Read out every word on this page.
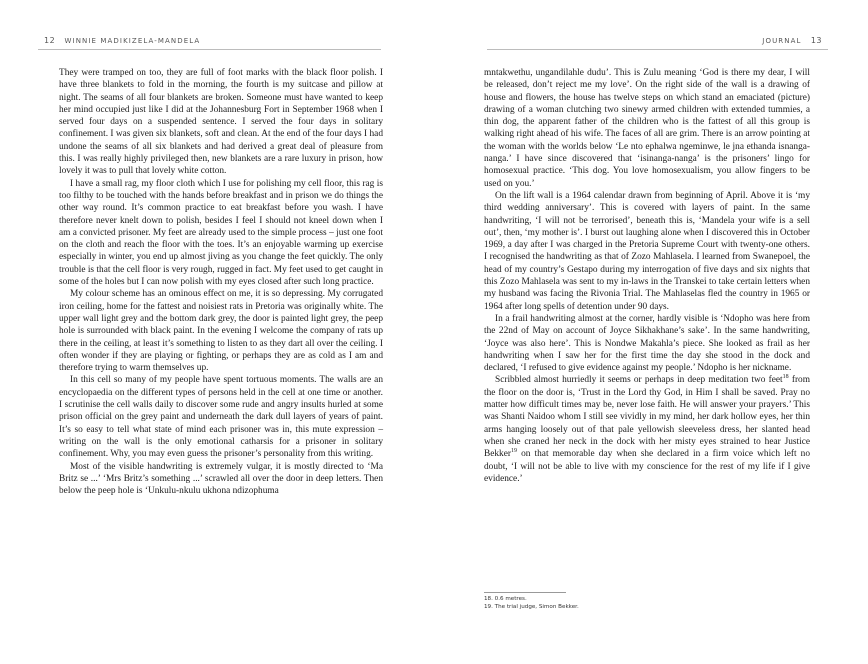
12 WINNIE MADIKIZELA-MANDELA	JOURNAL 13

They were tramped on too, they are full of foot marks with the black floor polish. I have three blankets to fold in the morning, the fourth is my suitcase and pillow at night. The seams of all four blankets are broken. Someone must have wanted to keep her mind occupied just like I did at the Johannesburg Fort in September 1968 when I served four days on a suspended sentence. I served the four days in solitary confinement. I was given six blankets, soft and clean. At the end of the four days I had undone the seams of all six blankets and had derived a great deal of pleasure from this. I was really highly privileged then, new blankets are a rare luxury in prison, how lovely it was to pull that lovely white cotton.

I have a small rag, my floor cloth which I use for polishing my cell floor, this rag is too filthy to be touched with the hands before breakfast and in prison we do things the other way round. It’s common practice to eat breakfast before you wash. I have therefore never knelt down to polish, besides I feel I should not kneel down when I am a convicted prisoner. My feet are already used to the simple process – just one foot on the cloth and reach the floor with the toes. It’s an enjoyable warming up exercise especially in winter, you end up almost jiving as you change the feet quickly. The only trouble is that the cell floor is very rough, rugged in fact. My feet used to get caught in some of the holes but I can now polish with my eyes closed after such long practice.

My colour scheme has an ominous effect on me, it is so depressing. My corrugated iron ceiling, home for the fattest and noisiest rats in Pretoria was originally white. The upper wall light grey and the bottom dark grey, the door is painted light grey, the peep hole is surrounded with black paint. In the evening I welcome the company of rats up there in the ceiling, at least it’s something to listen to as they dart all over the ceiling. I often wonder if they are playing or fighting, or perhaps they are as cold as I am and therefore trying to warm themselves up.

In this cell so many of my people have spent tortuous moments. The walls are an encyclopaedia on the different types of persons held in the cell at one time or another. I scrutinise the cell walls daily to discover some rude and angry insults hurled at some prison official on the grey paint and underneath the dark dull layers of years of paint. It’s so easy to tell what state of mind each prisoner was in, this mute expression – writing on the wall is the only emotional catharsis for a prisoner in solitary confinement. Why, you may even guess the prisoner’s personality from this writing.

Most of the visible handwriting is extremely vulgar, it is mostly directed to ‘Ma Britz se ...’ ‘Mrs Britz’s something ...’ scrawled all over the door in deep letters. Then below the peep hole is ‘Unkulu-nkulu ukhona ndizophuma

mntakwethu, ungandilahle dudu’. This is Zulu meaning ‘God is there my dear, I will be released, don’t reject me my love’. On the right side of the wall is a drawing of house and flowers, the house has twelve steps on which stand an emaciated (picture) drawing of a woman clutching two sinewy armed children with extended tummies, a thin dog, the apparent father of the children who is the fattest of all this group is walking right ahead of his wife. The faces of all are grim. There is an arrow pointing at the woman with the worlds below ‘Le nto ephalwa ngeminwe, le jna ethanda isnanga-nanga.’ I have since discovered that ‘isinanga-nanga’ is the prisoners’ lingo for homosexual practice. ‘This dog. You love homosexualism, you allow fingers to be used on you.’

On the lift wall is a 1964 calendar drawn from beginning of April. Above it is ‘my third wedding anniversary’. This is covered with layers of paint. In the same handwriting, ‘I will not be terrorised’, beneath this is, ‘Mandela your wife is a sell out’, then, ‘my mother is’. I burst out laughing alone when I discovered this in October 1969, a day after I was charged in the Pretoria Supreme Court with twenty-one others. I recognised the handwriting as that of Zozo Mahlasela. I learned from Swanepoel, the head of my country’s Gestapo during my interrogation of five days and six nights that this Zozo Mahlasela was sent to my in-laws in the Transkei to take certain letters when my husband was facing the Rivonia Trial. The Mahlaselas fled the country in 1965 or 1964 after long spells of detention under 90 days.

In a frail handwriting almost at the corner, hardly visible is ‘Ndopho was here from the 22nd of May on account of Joyce Sikhakhane’s sake’. In the same handwriting, ‘Joyce was also here’. This is Nondwe Makahla’s piece. She looked as frail as her handwriting when I saw her for the first time the day she stood in the dock and declared, ‘I refused to give evidence against my people.’ Ndopho is her nickname.

Scribbled almost hurriedly it seems or perhaps in deep meditation two feet$^{18}$ from the floor on the door is, ‘Trust in the Lord thy God, in Him I shall be saved. Pray no matter how difficult times may be, never lose faith. He will answer your prayers.’ This was Shanti Naidoo whom I still see vividly in my mind, her dark hollow eyes, her thin arms hanging loosely out of that pale yellowish sleeveless dress, her slanted head when she craned her neck in the dock with her misty eyes strained to hear Justice Bekker$^{19}$ on that memorable day when she declared in a firm voice which left no doubt, ‘I will not be able to live with my conscience for the rest of my life if I give evidence.’

18. 0.6 metres.
19. The trial judge, Simon Bekker.
